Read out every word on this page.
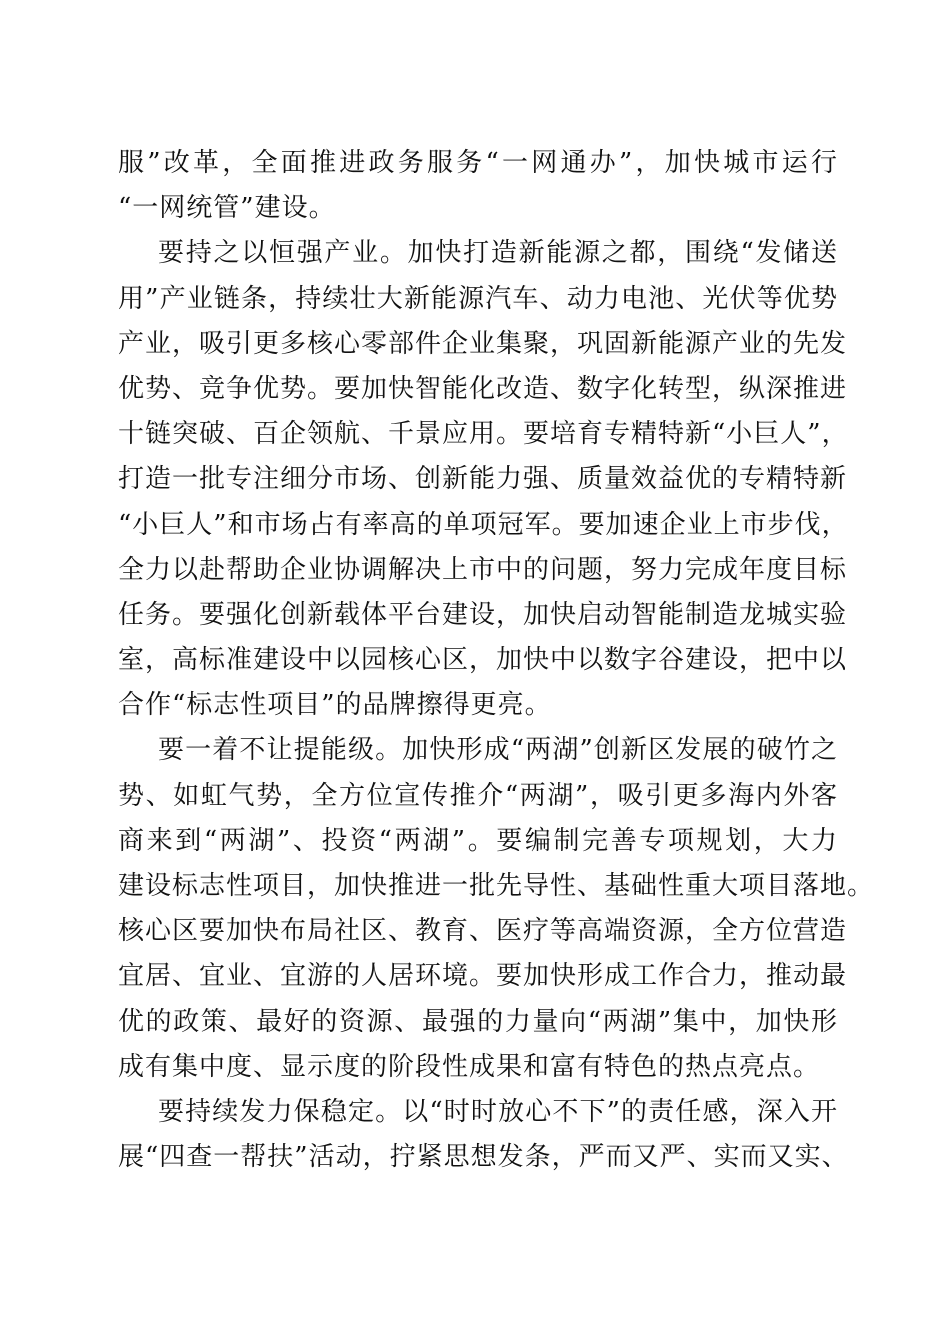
服”改革，全面推进政务服务“一网通办”，加快城市运行
“一网统管”建设。
要持之以恒强产业。加快打造新能源之都，围绕“发储送
用”产业链条，持续壮大新能源汽车、动力电池、光伏等优势
产业，吸引更多核心零部件企业集聚，巩固新能源产业的先发
优势、竞争优势。要加快智能化改造、数字化转型，纵深推进
十链突破、百企领航、千景应用。要培育专精特新“小巨人”，
打造一批专注细分市场、创新能力强、质量效益优的专精特新
“小巨人”和市场占有率高的单项冠军。要加速企业上市步伐，
全力以赴帮助企业协调解决上市中的问题，努力完成年度目标
任务。要强化创新载体平台建设，加快启动智能制造龙城实验
室，高标准建设中以园核心区，加快中以数字谷建设，把中以
合作“标志性项目”的品牌擦得更亮。
要一着不让提能级。加快形成“两湖”创新区发展的破竹之
势、如虹气势，全方位宣传推介“两湖”，吸引更多海内外客
商来到“两湖”、投资“两湖”。要编制完善专项规划，大力
建设标志性项目，加快推进一批先导性、基础性重大项目落地。
核心区要加快布局社区、教育、医疗等高端资源，全方位营造
宜居、宜业、宜游的人居环境。要加快形成工作合力，推动最
优的政策、最好的资源、最强的力量向“两湖”集中，加快形
成有集中度、显示度的阶段性成果和富有特色的热点亮点。
要持续发力保稳定。以“时时放心不下”的责任感，深入开
展“四查一帮扶”活动，拧紧思想发条，严而又严、实而又实、
